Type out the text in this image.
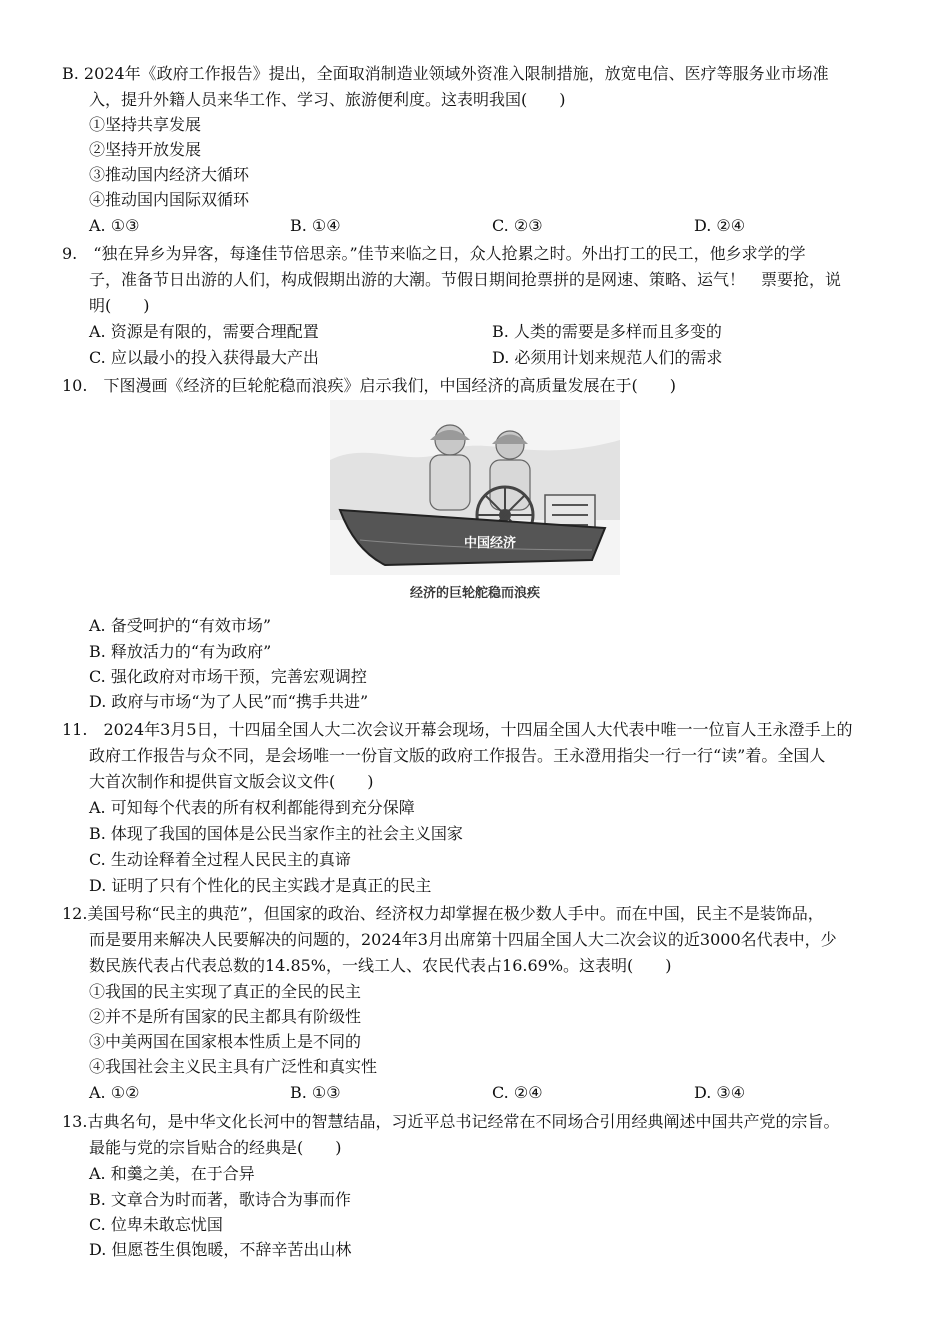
B. 2024年《政府工作报告》提出，全面取消制造业领域外资准入限制措施，放宽电信、医疗等服务业市场准
入，提升外籍人员来华工作、学习、旅游便利度。这表明我国(　　)
①坚持共享发展
②坚持开放发展
③推动国内经济大循环
④推动国内国际双循环
A. ①③	B. ①④	C. ②③	D. ②④
9.　“独在异乡为异客，每逢佳节倍思亲。”佳节来临之日，众人抢累之时。外出打工的民工，他乡求学的学
子，准备节日出游的人们，构成假期出游的大潮。节假日期间抢票拼的是网速、策略、运气！　票要抢，说
明(　　)
A. 资源是有限的，需要合理配置	B. 人类的需要是多样而且多变的
C. 应以最小的投入获得最大产出	D. 必须用计划来规范人们的需求
10.　下图漫画《经济的巨轮舵稳而浪疾》启示我们，中国经济的高质量发展在于(　　)
中国经济
经济的巨轮舵稳而浪疾
A. 备受呵护的“有效市场”
B. 释放活力的“有为政府”
C. 强化政府对市场干预，完善宏观调控
D. 政府与市场“为了人民”而“携手共进”
11.　2024年3月5日，十四届全国人大二次会议开幕会现场，十四届全国人大代表中唯一一位盲人王永澄手上的
政府工作报告与众不同，是会场唯一一份盲文版的政府工作报告。王永澄用指尖一行一行“读”着。全国人
大首次制作和提供盲文版会议文件(　　)
A. 可知每个代表的所有权利都能得到充分保障
B. 体现了我国的国体是公民当家作主的社会主义国家
C. 生动诠释着全过程人民民主的真谛
D. 证明了只有个性化的民主实践才是真正的民主
12.美国号称“民主的典范”，但国家的政治、经济权力却掌握在极少数人手中。而在中国，民主不是装饰品，
而是要用来解决人民要解决的问题的，2024年3月出席第十四届全国人大二次会议的近3000名代表中，少
数民族代表占代表总数的14.85%，一线工人、农民代表占16.69%。这表明(　　)
①我国的民主实现了真正的全民的民主
②并不是所有国家的民主都具有阶级性
③中美两国在国家根本性质上是不同的
④我国社会主义民主具有广泛性和真实性
A. ①②	B. ①③	C. ②④	D. ③④
13.古典名句，是中华文化长河中的智慧结晶，习近平总书记经常在不同场合引用经典阐述中国共产党的宗旨。
最能与党的宗旨贴合的经典是(　　)
A. 和羹之美，在于合异
B. 文章合为时而著，歌诗合为事而作
C. 位卑未敢忘忧国
D. 但愿苍生俱饱暖，不辞辛苦出山林
